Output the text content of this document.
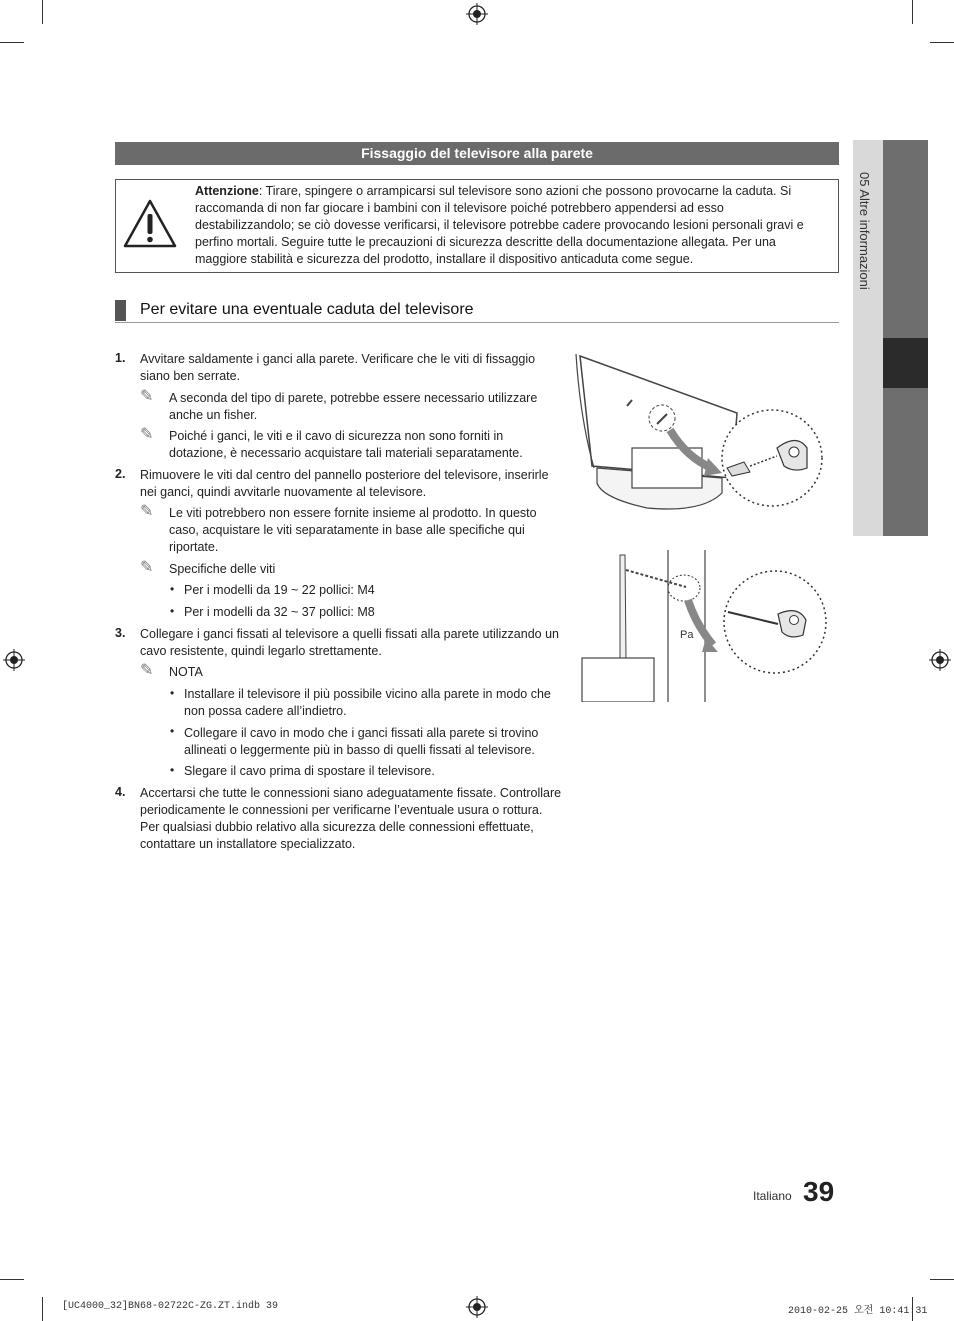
05 Altre informazioni
Fissaggio del televisore alla parete
Attenzione: Tirare, spingere o arrampicarsi sul televisore sono azioni che possono provocarne la caduta. Si raccomanda di non far giocare i bambini con il televisore poiché potrebbero appendersi ad esso destabilizzandolo; se ciò dovesse verificarsi, il televisore potrebbe cadere provocando lesioni personali gravi e perfino mortali. Seguire tutte le precauzioni di sicurezza descritte della documentazione allegata. Per una maggiore stabilità e sicurezza del prodotto, installare il dispositivo anticaduta come segue.
Per evitare una eventuale caduta del televisore
1. Avvitare saldamente i ganci alla parete. Verificare che le viti di fissaggio siano ben serrate.
✎ A seconda del tipo di parete, potrebbe essere necessario utilizzare anche un fisher.
✎ Poiché i ganci, le viti e il cavo di sicurezza non sono forniti in dotazione, è necessario acquistare tali materiali separatamente.
2. Rimuovere le viti dal centro del pannello posteriore del televisore, inserirle nei ganci, quindi avvitarle nuovamente al televisore.
✎ Le viti potrebbero non essere fornite insieme al prodotto. In questo caso, acquistare le viti separatamente in base alle specifiche qui riportate.
✎ Specifiche delle viti
• Per i modelli da 19 ~ 22 pollici: M4
• Per i modelli da 32 ~ 37 pollici: M8
3. Collegare i ganci fissati al televisore a quelli fissati alla parete utilizzando un cavo resistente, quindi legarlo strettamente.
✎ NOTA
• Installare il televisore il più possibile vicino alla parete in modo che non possa cadere all’indietro.
• Collegare il cavo in modo che i ganci fissati alla parete si trovino allineati o leggermente più in basso di quelli fissati al televisore.
• Slegare il cavo prima di spostare il televisore.
4. Accertarsi che tutte le connessioni siano adeguatamente fissate. Controllare periodicamente le connessioni per verificarne l’eventuale usura o rottura. Per qualsiasi dubbio relativo alla sicurezza delle connessioni effettuate, contattare un installatore specializzato.
Pa
Italiano 39
[UC4000_32]BN68-02722C-ZG.ZT.indb 39	2010-02-25 오전 10:41:31
